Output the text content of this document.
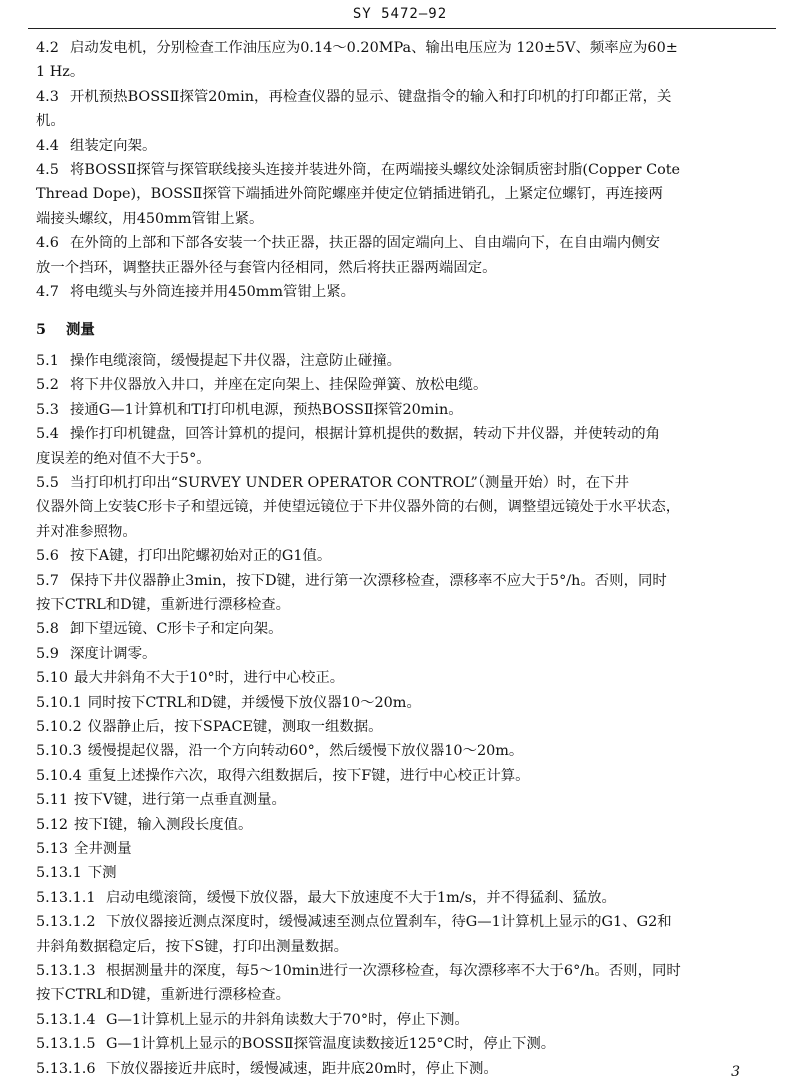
SY 5472—92

4.2 启动发电机，分别检查工作油压应为0.14～0.20MPa、输出电压应为 120±5V、频率应为60±

1 Hz。

4.3 开机预热BOSSⅡ探管20min，再检查仪器的显示、键盘指令的输入和打印机的打印都正常，关

机。

4.4 组装定向架。

4.5 将BOSSⅡ探管与探管联线接头连接并装进外筒，在两端接头螺纹处涂铜质密封脂(Copper Cote

Thread Dope)，BOSSⅡ探管下端插进外筒陀螺座并使定位销插进销孔，上紧定位螺钉，再连接两

端接头螺纹，用450mm管钳上紧。

4.6 在外筒的上部和下部各安装一个扶正器，扶正器的固定端向上、自由端向下，在自由端内侧安

放一个挡环，调整扶正器外径与套管内径相同，然后将扶正器两端固定。

4.7 将电缆头与外筒连接并用450mm管钳上紧。

5 测量

5.1 操作电缆滚筒，缓慢提起下井仪器，注意防止碰撞。

5.2 将下井仪器放入井口，并座在定向架上、挂保险弹簧、放松电缆。

5.3 接通G—1计算机和TI打印机电源，预热BOSSⅡ探管20min。

5.4 操作打印机键盘，回答计算机的提问，根据计算机提供的数据，转动下井仪器，并使转动的角

度误差的绝对值不大于5°。

5.5 当打印机打印出“SURVEY UNDER OPERATOR CONTROL”（测量开始）时，在下井

仪器外筒上安装C形卡子和望远镜，并使望远镜位于下井仪器外筒的右侧，调整望远镜处于水平状态，

并对准参照物。

5.6 按下A键，打印出陀螺初始对正的G1值。

5.7 保持下井仪器静止3min，按下D键，进行第一次漂移检查，漂移率不应大于5°/h。否则，同时

按下CTRL和D键，重新进行漂移检查。

5.8 卸下望远镜、C形卡子和定向架。

5.9 深度计调零。

5.10 最大井斜角不大于10°时，进行中心校正。

5.10.1 同时按下CTRL和D键，并缓慢下放仪器10～20m。

5.10.2 仪器静止后，按下SPACE键，测取一组数据。

5.10.3 缓慢提起仪器，沿一个方向转动60°，然后缓慢下放仪器10～20m。

5.10.4 重复上述操作六次，取得六组数据后，按下F键，进行中心校正计算。

5.11 按下V键，进行第一点垂直测量。

5.12 按下I键，输入测段长度值。

5.13 全井测量

5.13.1 下测

5.13.1.1 启动电缆滚筒，缓慢下放仪器，最大下放速度不大于1m/s，并不得猛刹、猛放。

5.13.1.2 下放仪器接近测点深度时，缓慢减速至测点位置刹车，待G—1计算机上显示的G1、G2和

井斜角数据稳定后，按下S键，打印出测量数据。

5.13.1.3 根据测量井的深度，每5～10min进行一次漂移检查，每次漂移率不大于6°/h。否则，同时

按下CTRL和D键，重新进行漂移检查。

5.13.1.4 G—1计算机上显示的井斜角读数大于70°时，停止下测。

5.13.1.5 G—1计算机上显示的BOSSⅡ探管温度读数接近125°C时，停止下测。

5.13.1.6 下放仪器接近井底时，缓慢减速，距井底20m时，停止下测。	3
